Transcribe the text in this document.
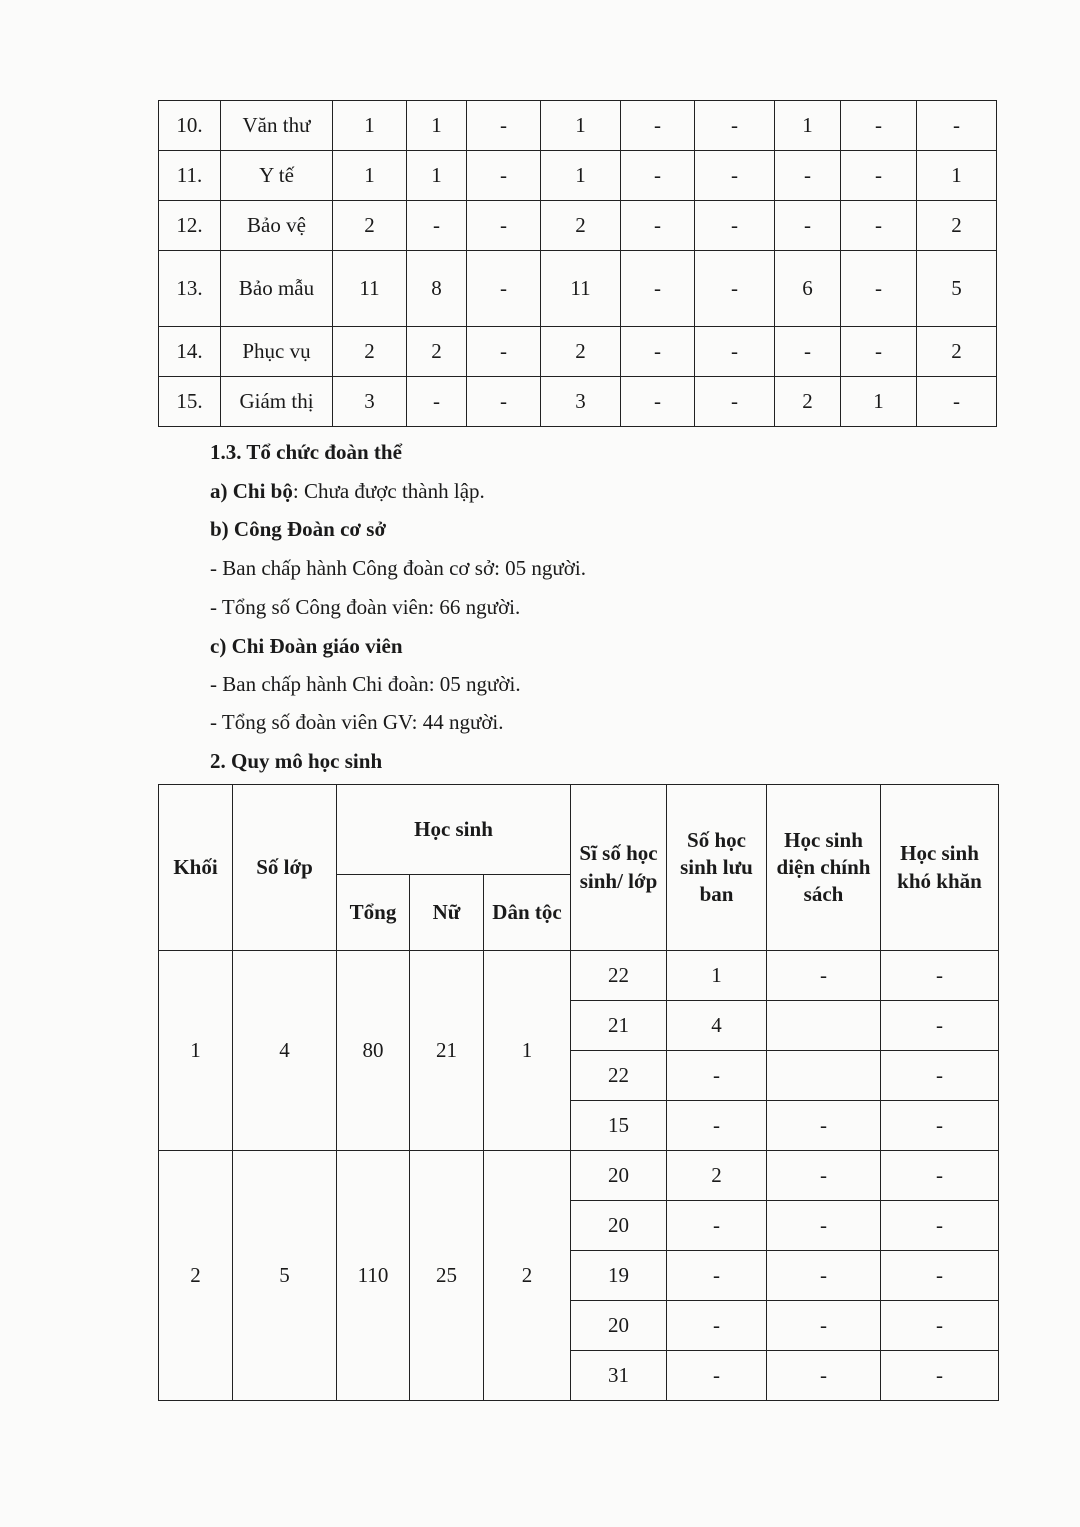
10.	Văn thư	1	1	-	1	-	-	1	-	-
11.	Y tế	1	1	-	1	-	-	-	-	1
12.	Bảo vệ	2	-	-	2	-	-	-	-	2
13.	Bảo mẫu	11	8	-	11	-	-	6	-	5
14.	Phục vụ	2	2	-	2	-	-	-	-	2
15.	Giám thị	3	-	-	3	-	-	2	1	-
1.3. Tổ chức đoàn thể
a) Chi bộ: Chưa được thành lập.
b) Công Đoàn cơ sở
- Ban chấp hành Công đoàn cơ sở: 05 người.
- Tổng số Công đoàn viên: 66 người.
c) Chi Đoàn giáo viên
- Ban chấp hành Chi đoàn: 05 người.
- Tổng số đoàn viên GV: 44 người.
2. Quy mô học sinh
Khối	Số lớp	Học sinh			Sĩ số học sinh/ lớp	Số học sinh lưu ban	Học sinh diện chính sách	Học sinh khó khăn
		Tổng	Nữ	Dân tộc				
1	4	80	21	1	22	1	-	-
					21	4		-
					22	-		-
					15	-	-	-
2	5	110	25	2	20	2	-	-
					20	-	-	-
					19	-	-	-
					20	-	-	-
					31	-	-	-
